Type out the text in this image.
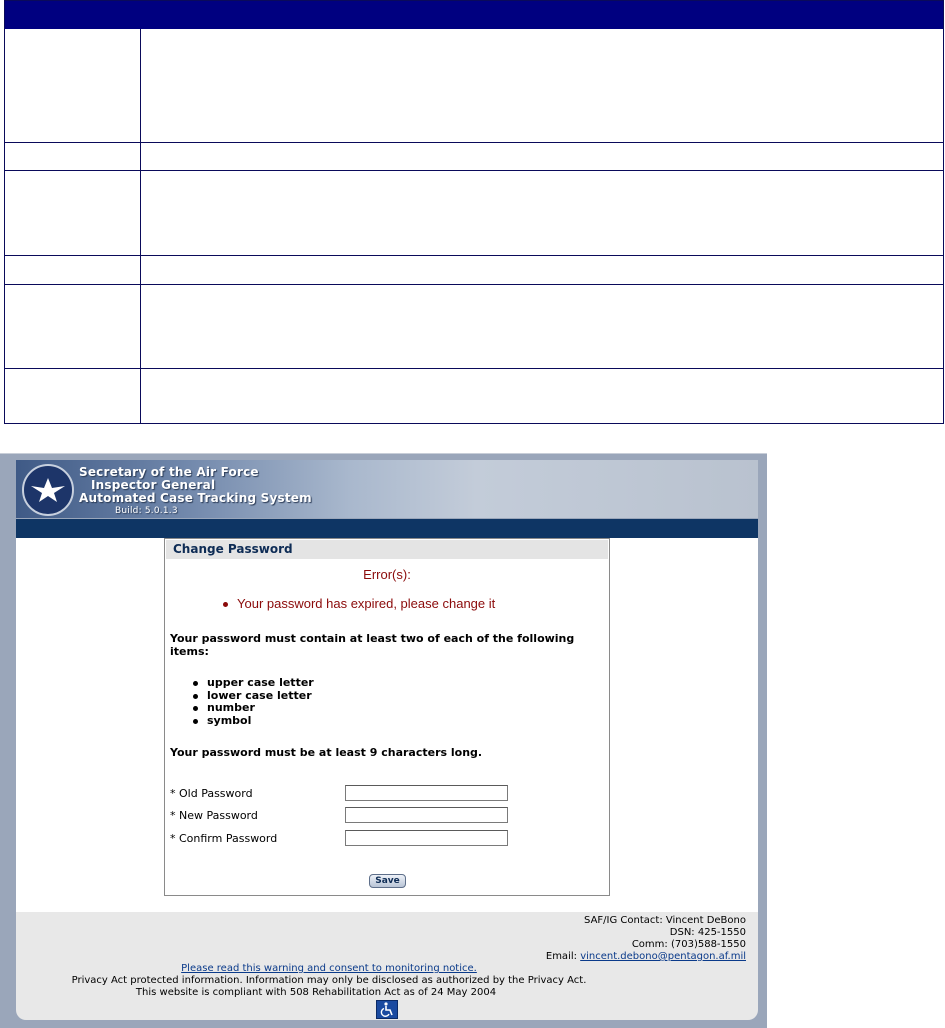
Secretary of the Air Force
Inspector General
Automated Case Tracking System
Build: 5.0.1.3
Change Password
Error(s):
Your password has expired, please change it
Your password must contain at least two of each of the following items:
upper case letter
lower case letter
number
symbol
Your password must be at least 9 characters long.
* Old Password
* New Password
* Confirm Password
Save
SAF/IG Contact: Vincent DeBono
DSN: 425-1550
Comm: (703)588-1550
Email: vincent.debono@pentagon.af.mil
Please read this warning and consent to monitoring notice.
Privacy Act protected information. Information may only be disclosed as authorized by the Privacy Act.
This website is compliant with 508 Rehabilitation Act as of 24 May 2004
